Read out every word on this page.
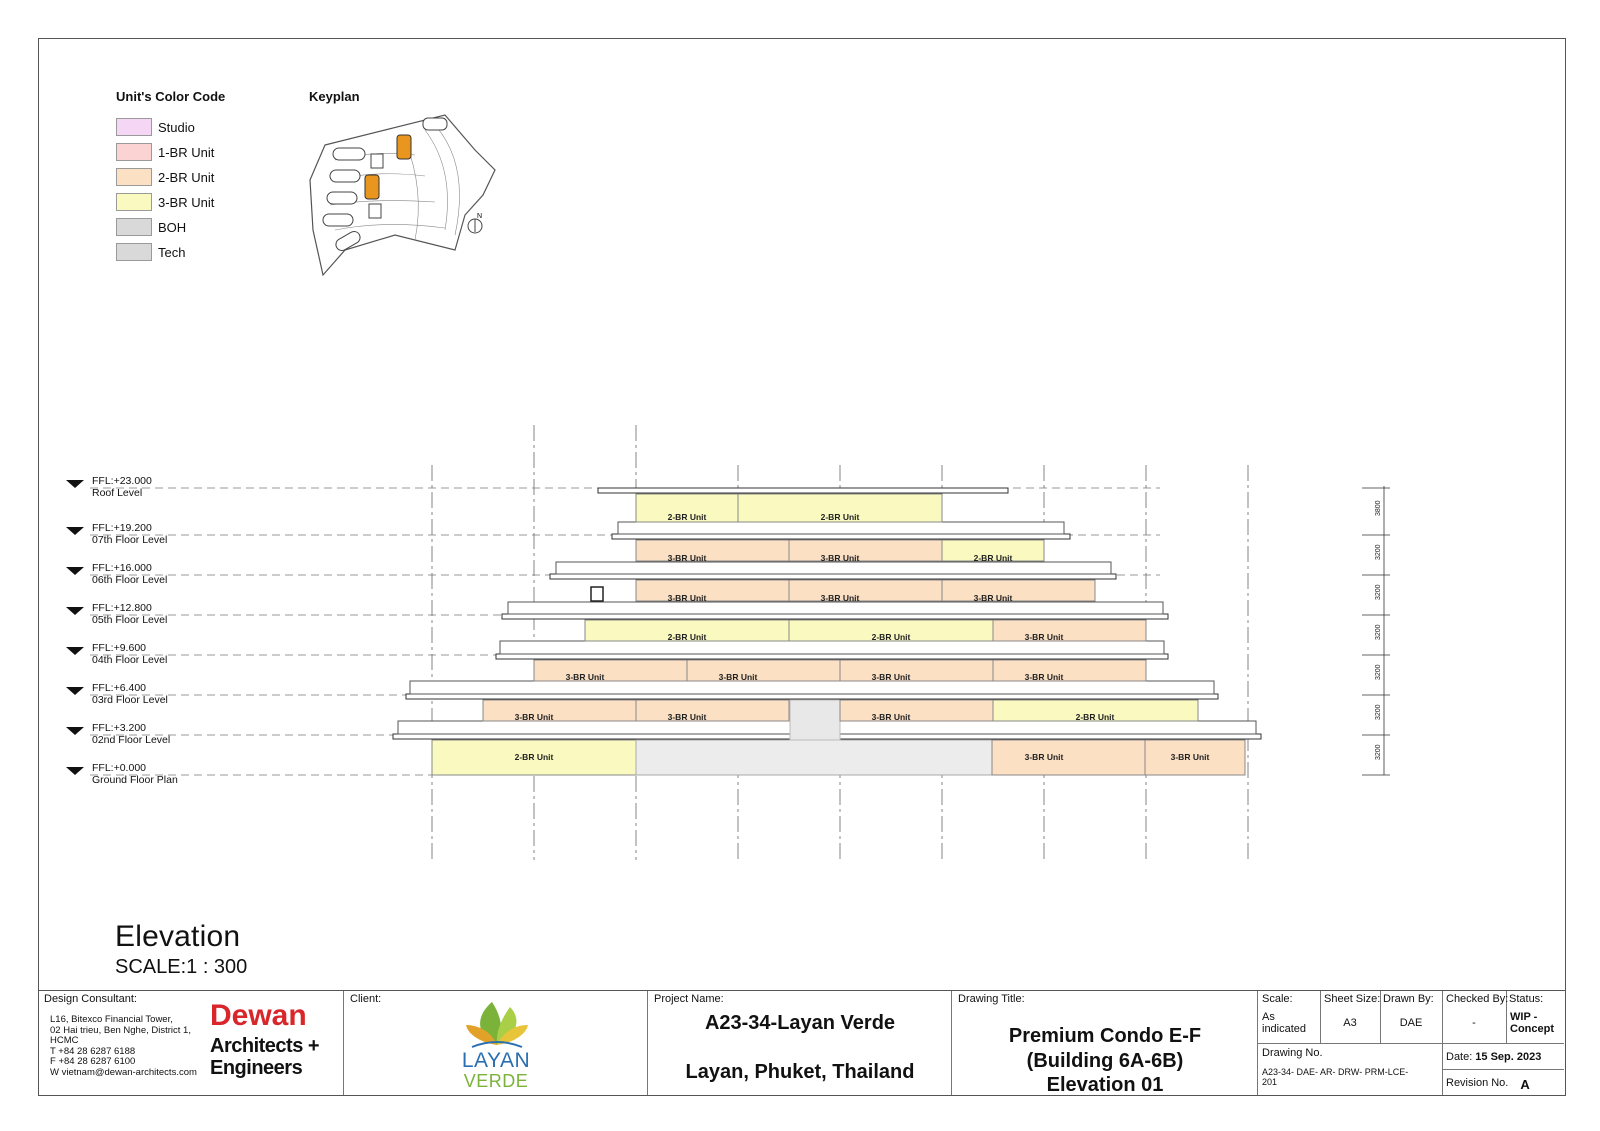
Unit's Color Code
Studio
1-BR Unit
2-BR Unit
3-BR Unit
BOH
Tech
Keyplan
N
2-BR Unit	2-BR Unit
3-BR Unit	3-BR Unit	2-BR Unit
3-BR Unit	3-BR Unit	3-BR Unit
2-BR Unit	2-BR Unit	3-BR Unit
3-BR Unit	3-BR Unit	3-BR Unit	3-BR Unit
3-BR Unit	3-BR Unit	3-BR Unit	2-BR Unit
2-BR Unit	3-BR Unit	3-BR Unit
FFL:+23.000
Roof Level
FFL:+19.200
07th Floor Level
FFL:+16.000
06th Floor Level
FFL:+12.800
05th Floor Level
FFL:+9.600
04th Floor Level
FFL:+6.400
03rd Floor Level
FFL:+3.200
02nd Floor Level
FFL:+0.000
Ground Floor Plan
3800
3200
3200
3200
3200
3200
3200
Elevation
SCALE:1 : 300
Design Consultant:
L16, Bitexco Financial Tower,
02 Hai trieu, Ben Nghe, District 1,
HCMC
T +84 28 6287 6188
F +84 28 6287 6100
W vietnam@dewan-architects.com
Dewan
Architects +
Engineers
Client:
LAYAN
VERDE
Project Name:
A23-34-Layan Verde
Layan, Phuket, Thailand
Drawing Title:
Premium Condo E-F
(Building 6A-6B)
Elevation 01
Scale:
As indicated
Sheet Size:
A3
Drawn By:
DAE
Checked By:
-
Status:
WIP - Concept
Drawing No.
A23-34- DAE- AR- DRW- PRM-LCE-201
Date: 15 Sep. 2023
Revision No. A
